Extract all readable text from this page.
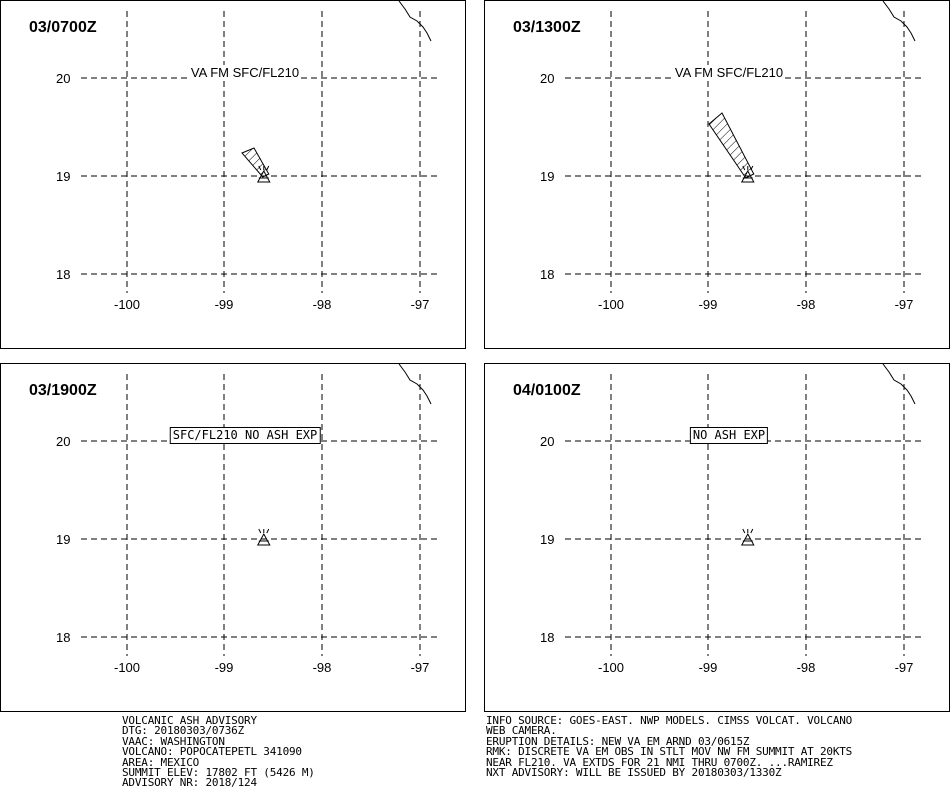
20
19
18
-100	-99	-98	-97
03/0700Z
VA FM SFC/FL210	20
19
18
-100	-99	-98	-97
03/1300Z
VA FM SFC/FL210
20
19
18
-100	-99	-98	-97
03/1900Z
SFC/FL210 NO ASH EXP	20
19
18
-100	-99	-98	-97
04/0100Z
NO ASH EXP
VOLCANIC ASH ADVISORY
DTG: 20180303/0736Z
VAAC: WASHINGTON
VOLCANO: POPOCATEPETL 341090
AREA: MEXICO
SUMMIT ELEV: 17802 FT (5426 M)
ADVISORY NR: 2018/124
INFO SOURCE: GOES-EAST. NWP MODELS. CIMSS VOLCAT. VOLCANO
WEB CAMERA.
ERUPTION DETAILS: NEW VA EM ARND 03/0615Z
RMK: DISCRETE VA EM OBS IN STLT MOV NW FM SUMMIT AT 20KTS
NEAR FL210. VA EXTDS FOR 21 NMI THRU 0700Z. ...RAMIREZ
NXT ADVISORY: WILL BE ISSUED BY 20180303/1330Z
